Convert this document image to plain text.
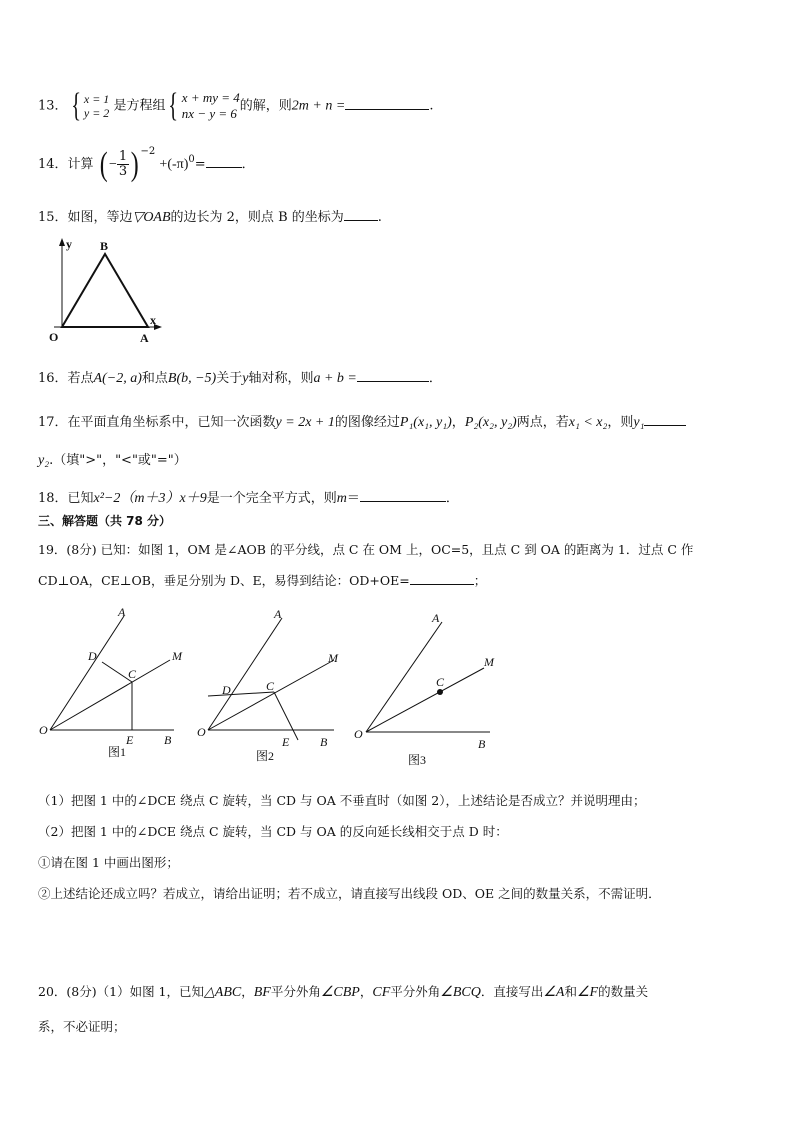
13．{ x = 1
y = 2 是方程组{ x + my = 4
nx − y = 6 的解，则2m + n =	.
14．计算 ( − $\frac{1}{3}$ ) $^{-2} +(-\pi)^0=$	．
15．如图，等边▽OAB的边长为 2，则点 B 的坐标为	.
y B
x
O	A
16．若点A(−2, a)和点B(b, −5)关于y轴对称，则a + b =	．
17．在平面直角坐标系中，已知一次函数y = 2x + 1的图像经过P₁(x₁, y₁)，P₂(x₂, y₂)两点，若x₁ < x₂，则y₁
y₂.（填">"，"<"或"="）
18．已知x²−2（m＋3）x＋9是一个完全平方式，则m＝	．
三、解答题（共 78 分）
19．(8分) 已知：如图 1，OM 是∠AOB 的平分线，点 C 在 OM 上，OC=5，且点 C 到 OA 的距离为 1．过点 C 作
CD⊥OA，CE⊥OB，垂足分别为 D、E，易得到结论：OD+OE=	；
A
D
C
M
O
E	B
图1
A
D	C
M
O
E	B
图2
A
C
M
O
B
图3
（1）把图 1 中的∠DCE 绕点 C 旋转，当 CD 与 OA 不垂直时（如图 2），上述结论是否成立？并说明理由；
（2）把图 1 中的∠DCE 绕点 C 旋转，当 CD 与 OA 的反向延长线相交于点 D 时：
①请在图 1 中画出图形；
②上述结论还成立吗？若成立，请给出证明；若不成立，请直接写出线段 OD、OE 之间的数量关系，不需证明．
20．(8分)（1）如图 1，已知△ABC，BF平分外角∠CBP，CF平分外角∠BCQ．直接写出∠A和∠F的数量关
系，不必证明；
